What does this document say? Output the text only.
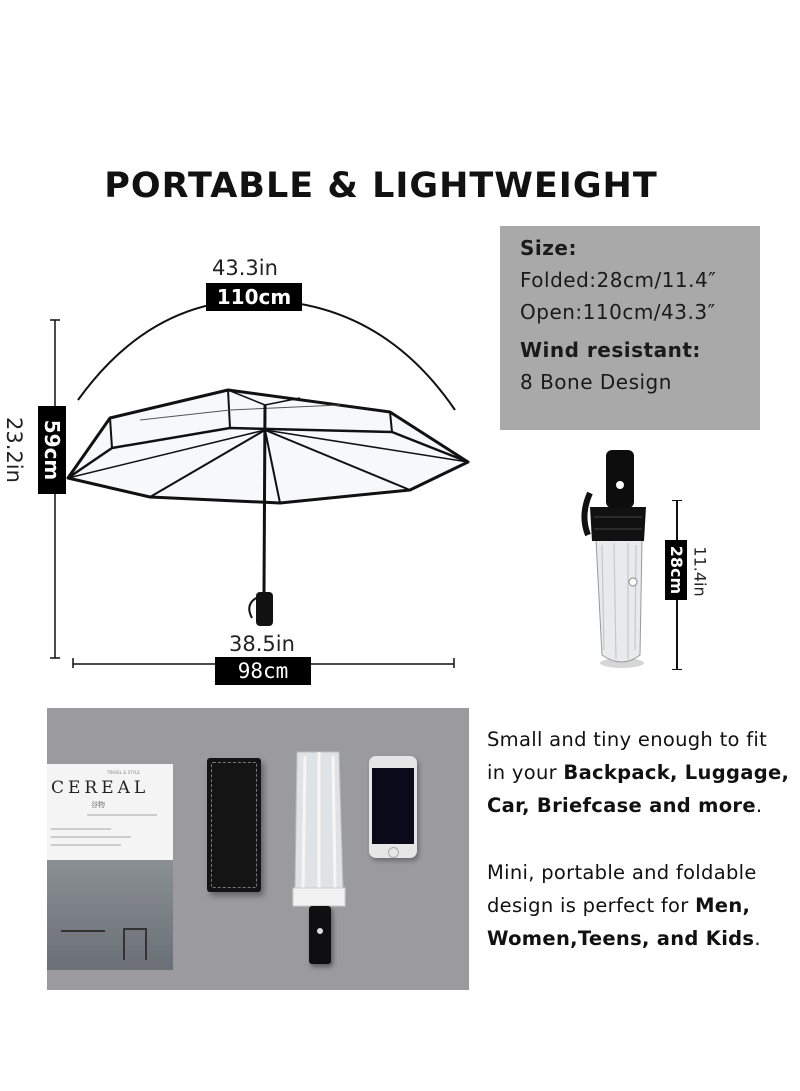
PORTABLE & LIGHTWEIGHT
43.3in
110cm
59cm
23.2in
38.5in
98cm
Size:
Folded:28cm/11.4″
Open:110cm/43.3″
Wind resistant:
8 Bone Design
28cm 11.4in
TRAVEL & STYLE
CEREAL
谷物
Small and tiny enough to fit
in your Backpack, Luggage,
Car, Briefcase and more.
Mini, portable and foldable
design is perfect for Men,
Women,Teens, and Kids.
